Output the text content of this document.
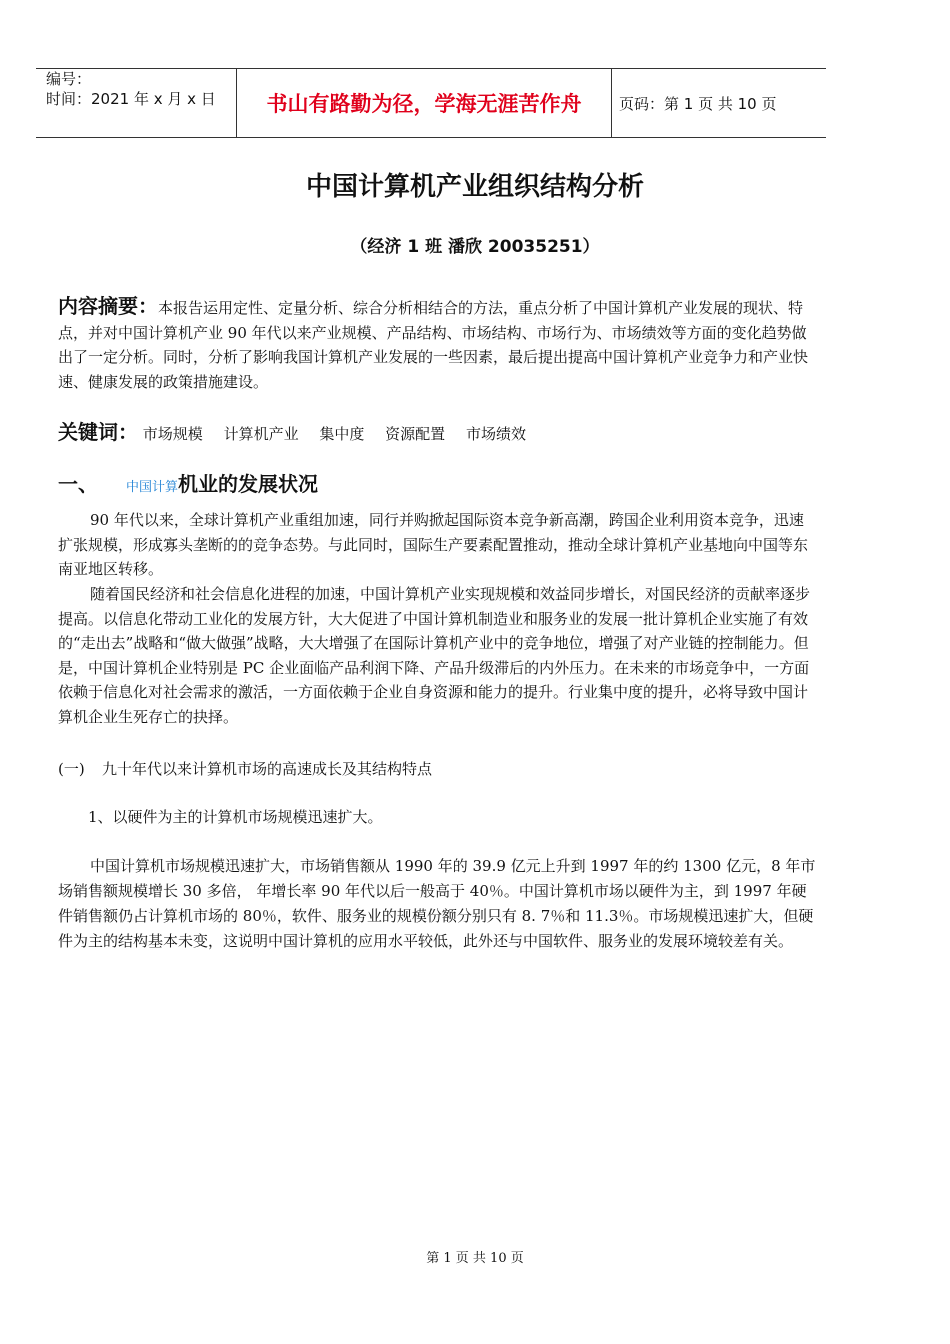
编号：
时间：2021 年 x 月 x 日	书山有路勤为径，学海无涯苦作舟	页码：第 1 页 共 10 页
中国计算机产业组织结构分析
（经济 1 班 潘欣 20035251）

内容摘要：本报告运用定性、定量分析、综合分析相结合的方法，重点分析了中国计算机产业发展的现状、特点，并对中国计算机产业 90 年代以来产业规模、产品结构、市场结构、市场行为、市场绩效等方面的变化趋势做出了一定分析。同时，分析了影响我国计算机产业发展的一些因素，最后提出提高中国计算机产业竞争力和产业快速、健康发展的政策措施建设。

关键词： 市场规模 计算机产业 集中度 资源配置 市场绩效
一、 中国计算机业的发展状况

90 年代以来，全球计算机产业重组加速，同行并购掀起国际资本竞争新高潮，跨国企业利用资本竞争，迅速扩张规模，形成寡头垄断的的竞争态势。与此同时，国际生产要素配置推动，推动全球计算机产业基地向中国等东南亚地区转移。

随着国民经济和社会信息化进程的加速，中国计算机产业实现规模和效益同步增长，对国民经济的贡献率逐步提高。以信息化带动工业化的发展方针，大大促进了中国计算机制造业和服务业的发展一批计算机企业实施了有效的“走出去”战略和“做大做强”战略，大大增强了在国际计算机产业中的竞争地位，增强了对产业链的控制能力。但是，中国计算机企业特别是 PC 企业面临产品利润下降、产品升级滞后的内外压力。在未来的市场竞争中，一方面依赖于信息化对社会需求的激活，一方面依赖于企业自身资源和能力的提升。行业集中度的提升，必将导致中国计算机企业生死存亡的抉择。

(一) 九十年代以来计算机市场的高速成长及其结构特点
1、以硬件为主的计算机市场规模迅速扩大。

中国计算机市场规模迅速扩大，市场销售额从 1990 年的 39.9 亿元上升到 1997 年的约 1300 亿元，8 年市场销售额规模增长 30 多倍， 年增长率 90 年代以后一般高于 40％。中国计算机市场以硬件为主，到 1997 年硬件销售额仍占计算机市场的 80％，软件、服务业的规模份额分别只有 8. 7％和 11.3％。市场规模迅速扩大，但硬件为主的结构基本未变，这说明中国计算机的应用水平较低，此外还与中国软件、服务业的发展环境较差有关。

第 1 页 共 10 页
